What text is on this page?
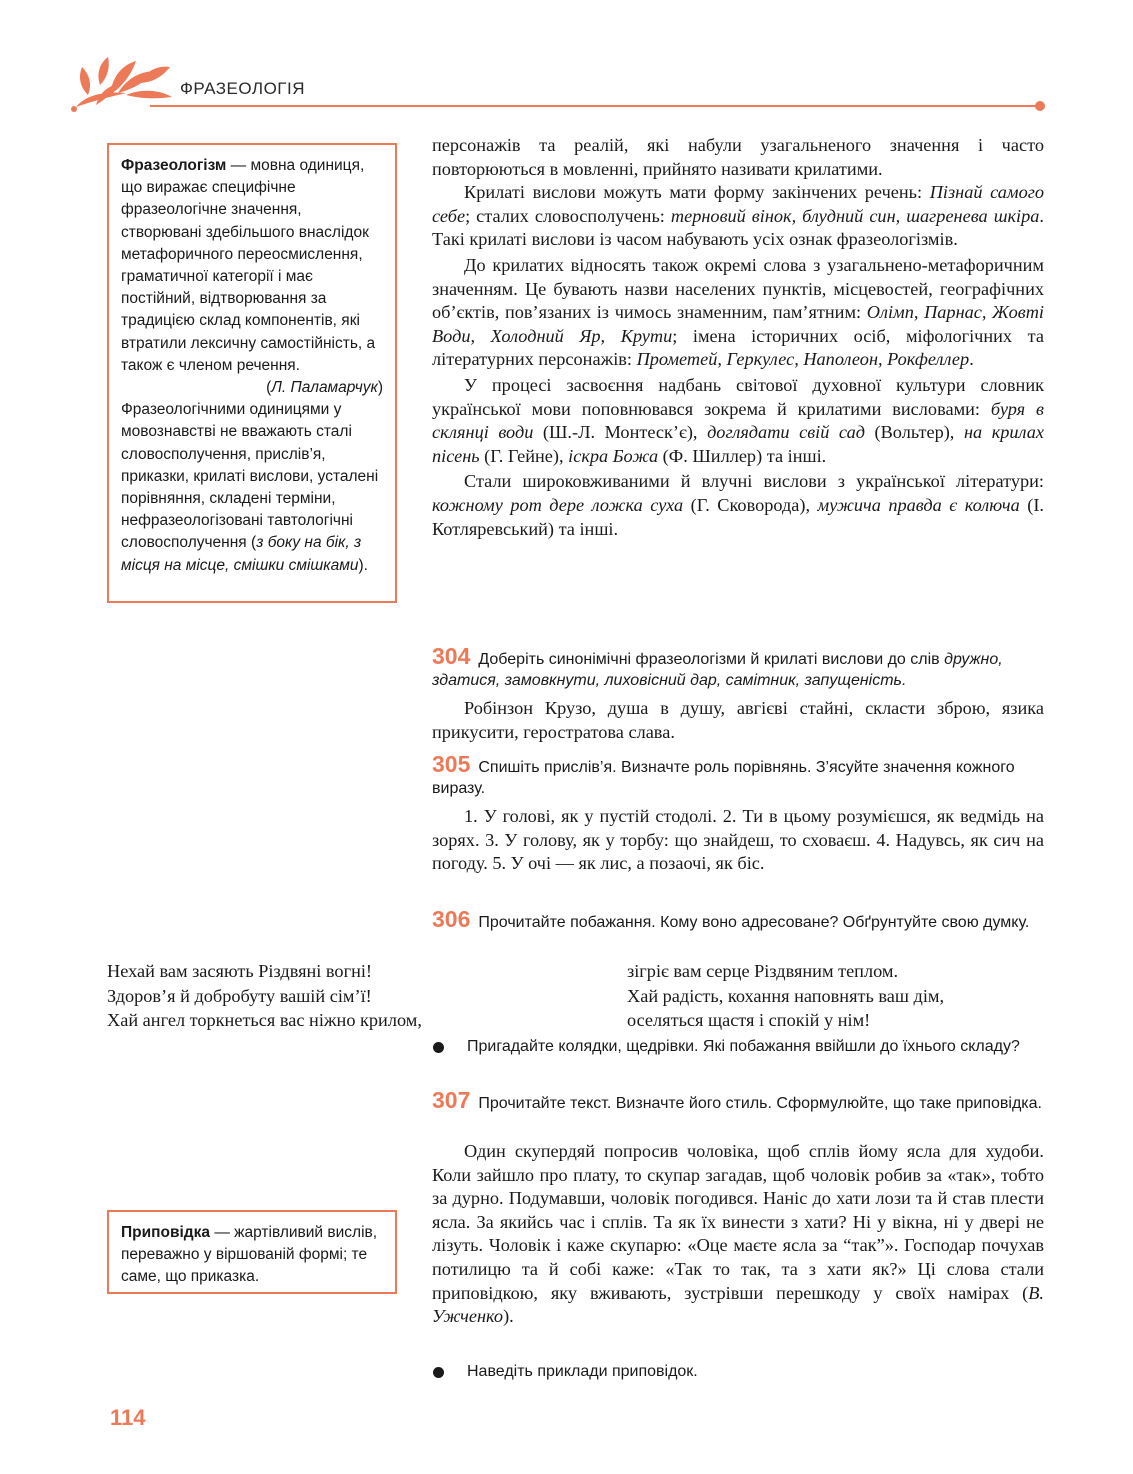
ФРАЗЕОЛОГІЯ

Фразеологізм — мовна одиниця, що виражає специфічне фразеологічне значення, створювані здебільшого внаслідок метафоричного переосмислення, граматичної категорії і має постійний, відтворювання за традицією склад компонентів, які втратили лексичну самостійність, а також є членом речення.

(Л. Паламарчук)

Фразеологічними одиницями у мовознавстві не вважають сталі словосполучення, прислів’я, приказки, крилаті вислови, усталені порівняння, складені терміни, нефразеологізовані тавтологічні словосполучення (з боку на бік, з місця на місце, смішки смішками).

персонажів та реалій, які набули узагальненого значення і часто повторюються в мовленні, прийнято називати крилатими.

Крилаті вислови можуть мати форму закінчених речень: Пізнай самого себе; сталих словосполучень: терновий вінок, блудний син, шагренева шкіра. Такі крилаті вислови із часом набувають усіх ознак фразеологізмів.

До крилатих відносять також окремі слова з узагальнено-метафоричним значенням. Це бувають назви населених пунктів, місцевостей, географічних об’єктів, пов’язаних із чимось знаменним, пам’ятним: Олімп, Парнас, Жовті Води, Холодний Яр, Крути; імена історичних осіб, міфологічних та літературних персонажів: Прометей, Геркулес, Наполеон, Рокфеллер.

У процесі засвоєння надбань світової духовної культури словник української мови поповнювався зокрема й крилатими висловами: буря в склянці води (Ш.-Л. Монтеск’є), доглядати свій сад (Вольтер), на крилах пісень (Г. Гейне), іскра Божа (Ф. Шиллер) та інші.

Стали широковживаними й влучні вислови з української літератури: кожному рот дере ложка суха (Г. Сковорода), мужича правда є колюча (І. Котляревський) та інші.

304 Доберіть синонімічні фразеологізми й крилаті вислови до слів дружно, здатися, замовкнути, лиховісний дар, самітник, запущеність.

Робінзон Крузо, душа в душу, авгієві стайні, скласти зброю, язика прикусити, геростратова слава.

305 Спишіть прислів’я. Визначте роль порівнянь. З’ясуйте значення кожного виразу.

1. У голові, як у пустій стодолі. 2. Ти в цьому розумієшся, як ведмідь на зорях. 3. У голову, як у торбу: що знайдеш, то сховаєш. 4. Надувсь, як сич на погоду. 5. У очі — як лис, а позаочі, як біс.

306 Прочитайте побажання. Кому воно адресоване? Обґрунтуйте свою думку.

Нехай вам засяють Різдвяні вогні!
Здоров’я й добробуту вашій сім’ї!
Хай ангел торкнеться вас ніжно крилом,
зігріє вам серце Різдвяним теплом.
Хай радість, кохання наповнять ваш дім,
оселяться щастя і спокій у нім!
Пригадайте колядки, щедрівки. Які побажання ввійшли до їхнього складу?

307 Прочитайте текст. Визначте його стиль. Сформулюйте, що таке приповідка.

Один скупердяй попросив чоловіка, щоб сплів йому ясла для худоби. Коли зайшло про плату, то скупар загадав, щоб чоловік робив за «так», тобто за дурно. Подумавши, чоловік погодився. Наніс до хати лози та й став плести ясла. За якийсь час і сплів. Та як їх винести з хати? Ні у вікна, ні у двері не лізуть. Чоловік і каже скупарю: «Оце маєте ясла за “так”». Господар почухав потилицю та й собі каже: «Так то так, та з хати як?» Ці слова стали приповідкою, яку вживають, зустрівши перешкоду у своїх намірах (В. Ужченко).

Приповідка — жартівливий вислів, переважно у віршованій формі; те саме, що приказка.

Наведіть приклади приповідок.
114
